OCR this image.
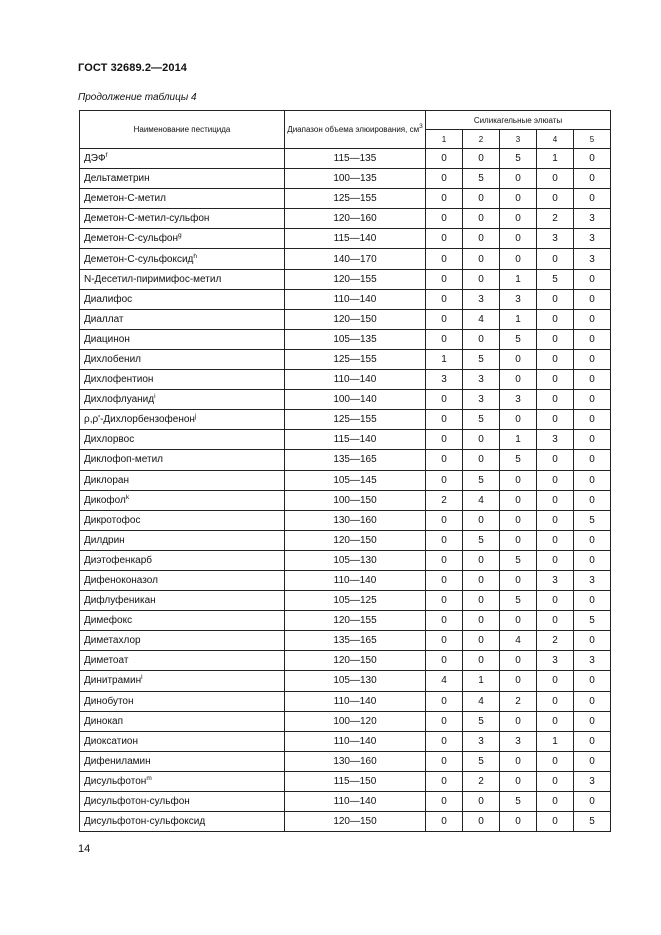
ГОСТ 32689.2—2014
Продолжение таблицы 4
Наименование пестицида	Диапазон объема элюирования, $см^3$	Силикагельные элюаты				
		1	2	3	4	5
ДЭФ$^f$	115—135	0	0	5	1	0
Дельтаметрин	100—135	0	5	0	0	0
Деметон-С-метил	125—155	0	0	0	0	0
Деметон-С-метил-сульфон	120—160	0	0	0	2	3
Деметон-С-сульфон$^g$	115—140	0	0	0	3	3
Деметон-С-сульфоксид$^h$	140—170	0	0	0	0	3
N-Десетил-пиримифос-метил	120—155	0	0	1	5	0
Диалифос	110—140	0	3	3	0	0
Диаллат	120—150	0	4	1	0	0
Диацинон	105—135	0	0	5	0	0
Дихлобенил	125—155	1	5	0	0	0
Дихлофентион	110—140	3	3	0	0	0
Дихлофлуанид$^i$	100—140	0	3	3	0	0
ρ,ρ'-Дихлорбензофенон$^j$	125—155	0	5	0	0	0
Дихлорвос	115—140	0	0	1	3	0
Диклофоп-метил	135—165	0	0	5	0	0
Диклоран	105—145	0	5	0	0	0
Дикофол$^k$	100—150	2	4	0	0	0
Дикротофос	130—160	0	0	0	0	5
Дилдрин	120—150	0	5	0	0	0
Диэтофенкарб	105—130	0	0	5	0	0
Дифеноконазол	110—140	0	0	0	3	3
Дифлуфеникан	105—125	0	0	5	0	0
Димефокс	120—155	0	0	0	0	5
Диметахлор	135—165	0	0	4	2	0
Диметоат	120—150	0	0	0	3	3
Динитрамин$^l$	105—130	4	1	0	0	0
Динобутон	110—140	0	4	2	0	0
Динокап	100—120	0	5	0	0	0
Диоксатион	110—140	0	3	3	1	0
Дифениламин	130—160	0	5	0	0	0
Дисульфотон$^m$	115—150	0	2	0	0	3
Дисульфотон-сульфон	110—140	0	0	5	0	0
Дисульфотон-сульфоксид	120—150	0	0	0	0	5
14
